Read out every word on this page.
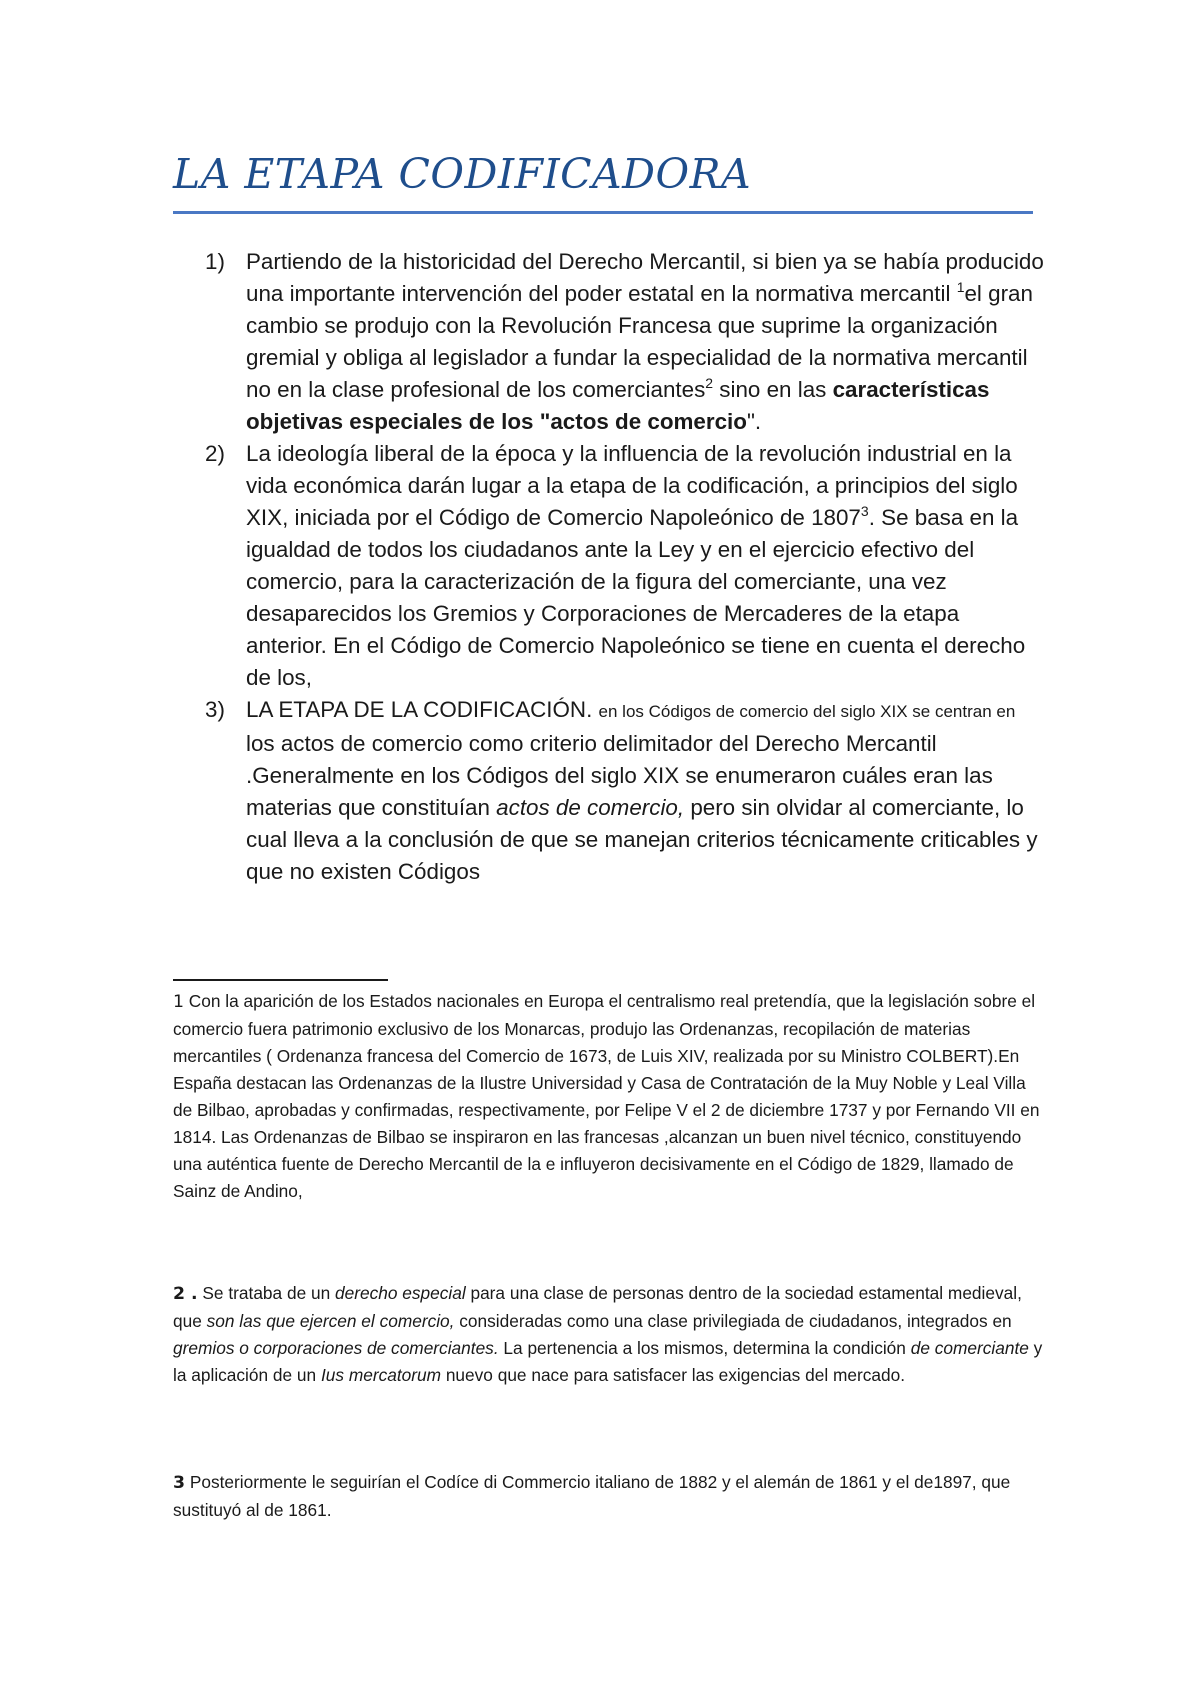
LA ETAPA CODIFICADORA
1) Partiendo de la historicidad del Derecho Mercantil, si bien ya se había producido una importante intervención del poder estatal en la normativa mercantil $^1$el gran cambio se produjo con la Revolución Francesa que suprime la organización gremial y obliga al legislador a fundar la especialidad de la normativa mercantil no en la clase profesional de los comerciantes$^2$ sino en las características objetivas especiales de los "actos de comercio".
2) La ideología liberal de la época y la influencia de la revolución industrial en la vida económica darán lugar a la etapa de la codificación, a principios del siglo XIX, iniciada por el Código de Comercio Napoleónico de 1807$^3$. Se basa en la igualdad de todos los ciudadanos ante la Ley y en el ejercicio efectivo del comercio, para la caracterización de la figura del comerciante, una vez desaparecidos los Gremios y Corporaciones de Mercaderes de la etapa anterior. En el Código de Comercio Napoleónico se tiene en cuenta el derecho de los,
3) LA ETAPA DE LA CODIFICACIÓN. en los Códigos de comercio del siglo XIX se centran en los actos de comercio como criterio delimitador del Derecho Mercantil .Generalmente en los Códigos del siglo XIX se enumeraron cuáles eran las materias que constituían actos de comercio, pero sin olvidar al comerciante, lo cual lleva a la conclusión de que se manejan criterios técnicamente criticables y que no existen Códigos

1 Con la aparición de los Estados nacionales en Europa el centralismo real pretendía, que la legislación sobre el comercio fuera patrimonio exclusivo de los Monarcas, produjo las Ordenanzas, recopilación de materias mercantiles ( Ordenanza francesa del Comercio de 1673, de Luis XIV, realizada por su Ministro COLBERT).En España destacan las Ordenanzas de la Ilustre Universidad y Casa de Contratación de la Muy Noble y Leal Villa de Bilbao, aprobadas y confirmadas, respectivamente, por Felipe V el 2 de diciembre 1737 y por Fernando VII en 1814. Las Ordenanzas de Bilbao se inspiraron en las francesas ,alcanzan un buen nivel técnico, constituyendo una auténtica fuente de Derecho Mercantil de la e influyeron decisivamente en el Código de 1829, llamado de Sainz de Andino,

2 . Se trataba de un derecho especial para una clase de personas dentro de la sociedad estamental medieval, que son las que ejercen el comercio, consideradas como una clase privilegiada de ciudadanos, integrados en gremios o corporaciones de comerciantes. La pertenencia a los mismos, determina la condición de comerciante y la aplicación de un Ius mercatorum nuevo que nace para satisfacer las exigencias del mercado.

3 Posteriormente le seguirían el Codíce di Commercio italiano de 1882 y el alemán de 1861 y el de1897, que sustituyó al de 1861.
